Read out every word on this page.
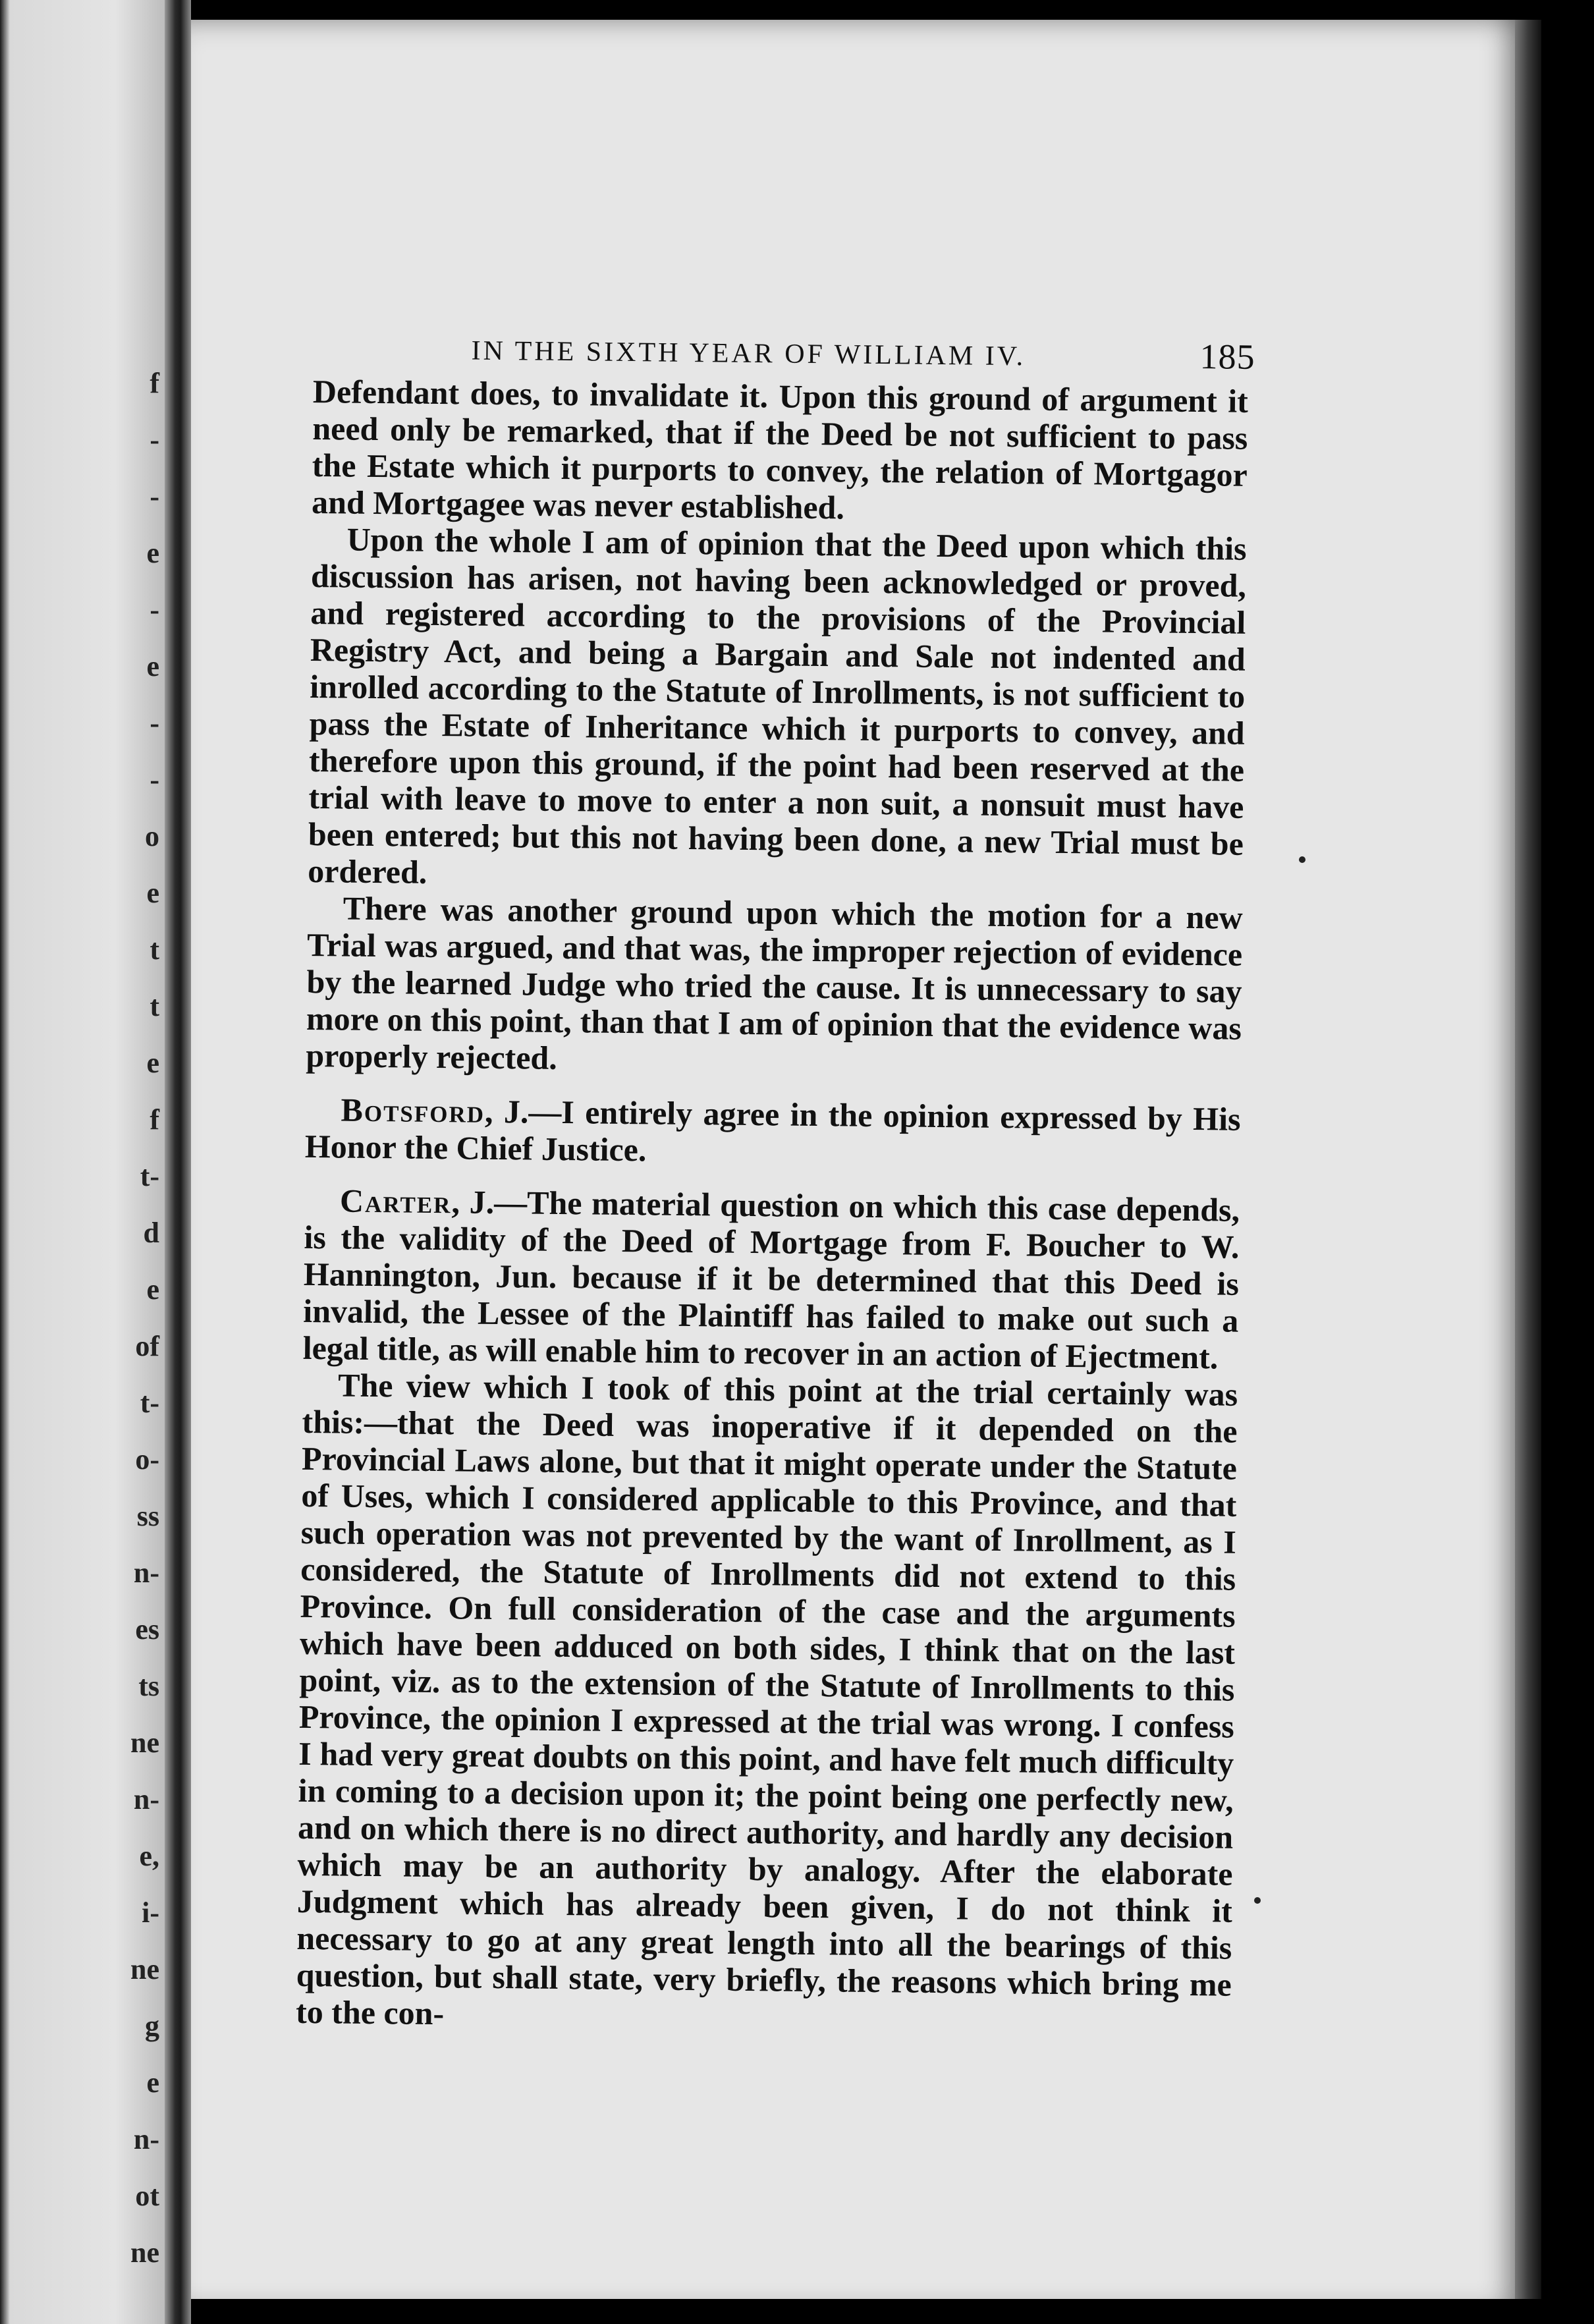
f
-
-
e
-
e
-
-
o
e
t
t
e
f
t-
d
e
of
t-
o-
ss
n-
es
ts
ne
n-
e,
i-
ne
g
e
n-
ot
ne
IN THE SIXTH YEAR OF WILLIAM IV.	185

Defendant does, to invalidate it. Upon this ground of argument it need only be remarked, that if the Deed be not sufficient to pass the Estate which it purports to convey, the relation of Mortgagor and Mortgagee was never established.

Upon the whole I am of opinion that the Deed upon which this discussion has arisen, not having been acknowledged or proved, and registered according to the provisions of the Provincial Registry Act, and being a Bargain and Sale not indented and inrolled according to the Statute of Inrollments, is not sufficient to pass the Estate of Inheritance which it purports to convey, and therefore upon this ground, if the point had been reserved at the trial with leave to move to enter a non suit, a nonsuit must have been entered; but this not having been done, a new Trial must be ordered.

There was another ground upon which the motion for a new Trial was argued, and that was, the improper rejection of evidence by the learned Judge who tried the cause. It is unnecessary to say more on this point, than that I am of opinion that the evidence was properly rejected.

Botsford, J.—I entirely agree in the opinion expressed by His Honor the Chief Justice.

Carter, J.—The material question on which this case depends, is the validity of the Deed of Mortgage from F. Boucher to W. Hannington, Jun. because if it be determined that this Deed is invalid, the Lessee of the Plaintiff has failed to make out such a legal title, as will enable him to recover in an action of Ejectment.

The view which I took of this point at the trial certainly was this:—that the Deed was inoperative if it depended on the Provincial Laws alone, but that it might operate under the Statute of Uses, which I considered applicable to this Province, and that such operation was not prevented by the want of Inrollment, as I considered, the Statute of Inrollments did not extend to this Province. On full consideration of the case and the arguments which have been adduced on both sides, I think that on the last point, viz. as to the extension of the Statute of Inrollments to this Province, the opinion I expressed at the trial was wrong. I confess I had very great doubts on this point, and have felt much difficulty in coming to a decision upon it; the point being one perfectly new, and on which there is no direct authority, and hardly any decision which may be an authority by analogy. After the elaborate Judgment which has already been given, I do not think it necessary to go at any great length into all the bearings of this question, but shall state, very briefly, the reasons which bring me to the con-
